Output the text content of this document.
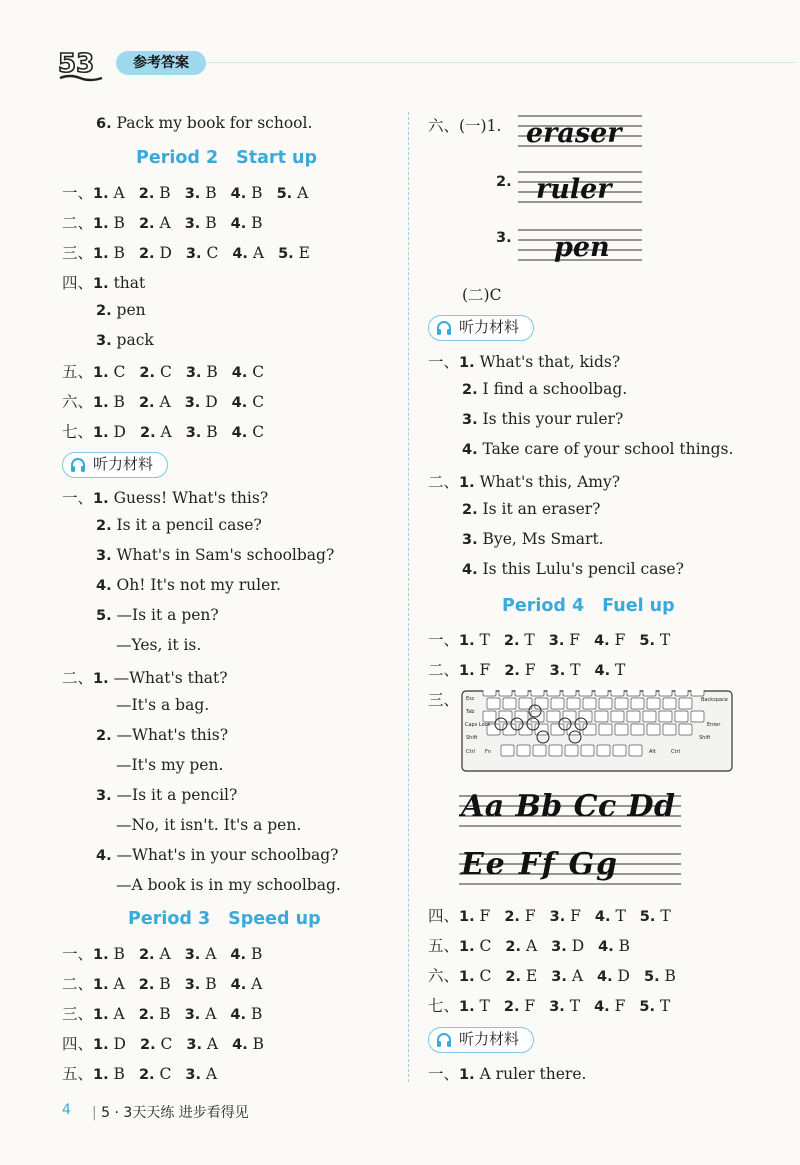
53	参考答案
6. Pack my book for school.
Period 2 Start up
一、1. A 2. B 3. B 4. B 5. A
二、1. B 2. A 3. B 4. B
三、1. B 2. D 3. C 4. A 5. E
四、1. that
2. pen
3. pack
五、1. C 2. C 3. B 4. C
六、1. B 2. A 3. D 4. C
七、1. D 2. A 3. B 4. C
听力材料
一、1. Guess! What's this?
2. Is it a pencil case?
3. What's in Sam's schoolbag?
4. Oh! It's not my ruler.
5. —Is it a pen?
—Yes, it is.
二、1. —What's that?
—It's a bag.
2. —What's this?
—It's my pen.
3. —Is it a pencil?
—No, it isn't. It's a pen.
4. —What's in your schoolbag?
—A book is in my schoolbag.
Period 3 Speed up
一、1. B 2. A 3. A 4. B
二、1. A 2. B 3. B 4. A
三、1. A 2. B 3. A 4. B
四、1. D 2. C 3. A 4. B
五、1. B 2. C 3. A
六、(一)1.
2.
3.
eraser
ruler
pen
(二)C
听力材料
一、1. What's that, kids?
2. I find a schoolbag.
3. Is this your ruler?
4. Take care of your school things.
二、1. What's this, Amy?
2. Is it an eraser?
3. Bye, Ms Smart.
4. Is this Lulu's pencil case?
Period 4 Fuel up
一、1. T 2. T 3. F 4. F 5. T
二、1. F 2. F 3. T 4. T
三、 Esc
Tab
Caps Lock
Shift
Ctrl Fn	Alt	Ctrl
Backspace
Enter
Shift
Aa Bb Cc Dd
Ee Ff Gg
四、1. F 2. F 3. F 4. T 5. T
五、1. C 2. A 3. D 4. B
六、1. C 2. E 3. A 4. D 5. B
七、1. T 2. F 3. T 4. F 5. T
听力材料
一、1. A ruler there.
4 | 5 · 3天天练 进步看得见
